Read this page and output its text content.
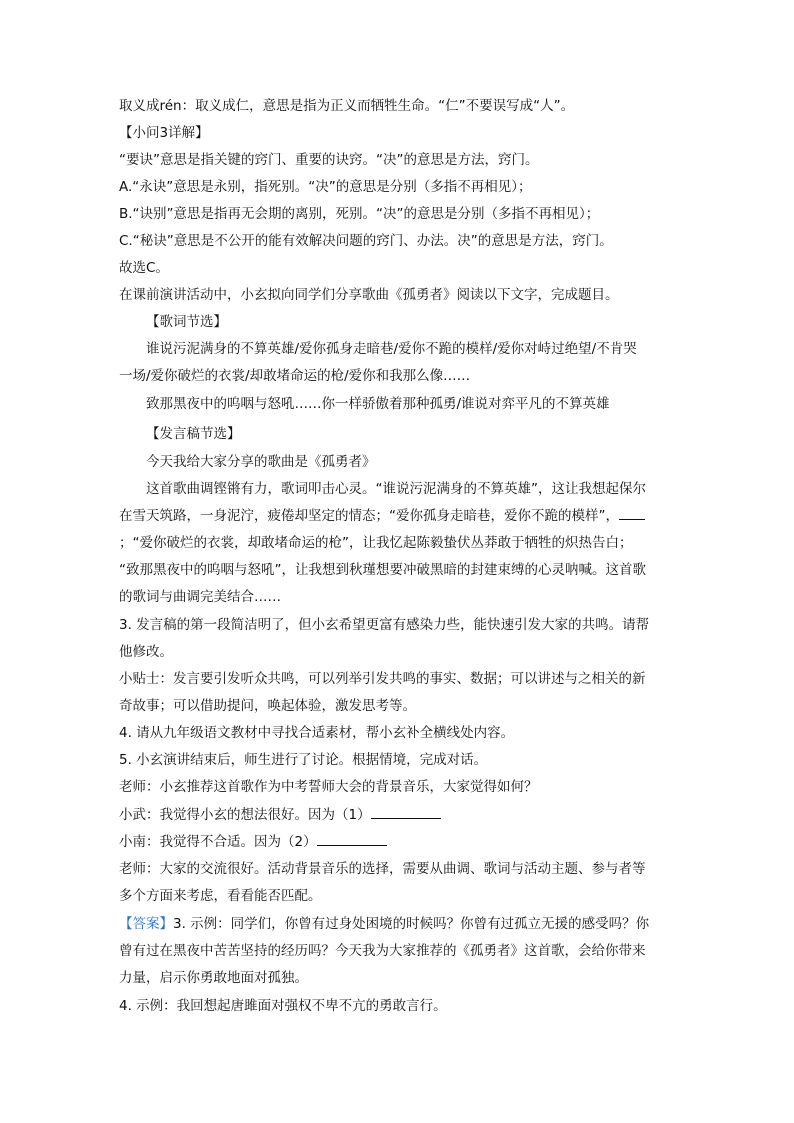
取义成rén：取义成仁，意思是指为正义而牺牲生命。“仁”不要误写成“人”。
【小问3详解】
“要诀”意思是指关键的窍门、重要的诀窍。“决”的意思是方法，窍门。
A.“永诀”意思是永别，指死别。“决”的意思是分别（多指不再相见）；
B.“诀别”意思是指再无会期的离别，死别。“决”的意思是分别（多指不再相见）；
C.“秘诀”意思是不公开的能有效解决问题的窍门、办法。决”的意思是方法，窍门。
故选C。
在课前演讲活动中，小玄拟向同学们分享歌曲《孤勇者》阅读以下文字，完成题目。
【歌词节选】
谁说污泥满身的不算英雄/爱你孤身走暗巷/爱你不跪的模样/爱你对峙过绝望/不肯哭
一场/爱你破烂的衣裳/却敢堵命运的枪/爱你和我那么像……
致那黑夜中的呜咽与怒吼……你一样骄傲着那种孤勇/谁说对弈平凡的不算英雄
【发言稿节选】
今天我给大家分享的歌曲是《孤勇者》
这首歌曲调铿锵有力，歌词叩击心灵。“谁说污泥满身的不算英雄”，这让我想起保尔
在雪天筑路，一身泥泞，疲倦却坚定的情态；“爱你孤身走暗巷，爱你不跪的模样”，
；“爱你破烂的衣裳，却敢堵命运的枪”，让我忆起陈毅蛰伏丛莽敢于牺牲的炽热告白；
“致那黑夜中的呜咽与怒吼”，让我想到秋瑾想要冲破黑暗的封建束缚的心灵呐喊。这首歌
的歌词与曲调完美结合……
3. 发言稿的第一段简洁明了，但小玄希望更富有感染力些，能快速引发大家的共鸣。请帮
他修改。
小贴士：发言要引发听众共鸣，可以列举引发共鸣的事实、数据；可以讲述与之相关的新
奇故事；可以借助提问，唤起体验，激发思考等。
4. 请从九年级语文教材中寻找合适素材，帮小玄补全横线处内容。
5. 小玄演讲结束后，师生进行了讨论。根据情境，完成对话。
老师：小玄推荐这首歌作为中考誓师大会的背景音乐，大家觉得如何？
小武：我觉得小玄的想法很好。因为（1）
小南：我觉得不合适。因为（2）
老师：大家的交流很好。活动背景音乐的选择，需要从曲调、歌词与活动主题、参与者等
多个方面来考虑，看看能否匹配。
【答案】3. 示例：同学们，你曾有过身处困境的时候吗？你曾有过孤立无援的感受吗？你
曾有过在黑夜中苦苦坚持的经历吗？今天我为大家推荐的《孤勇者》这首歌，会给你带来
力量，启示你勇敢地面对孤独。
4. 示例：我回想起唐雎面对强权不卑不亢的勇敢言行。
